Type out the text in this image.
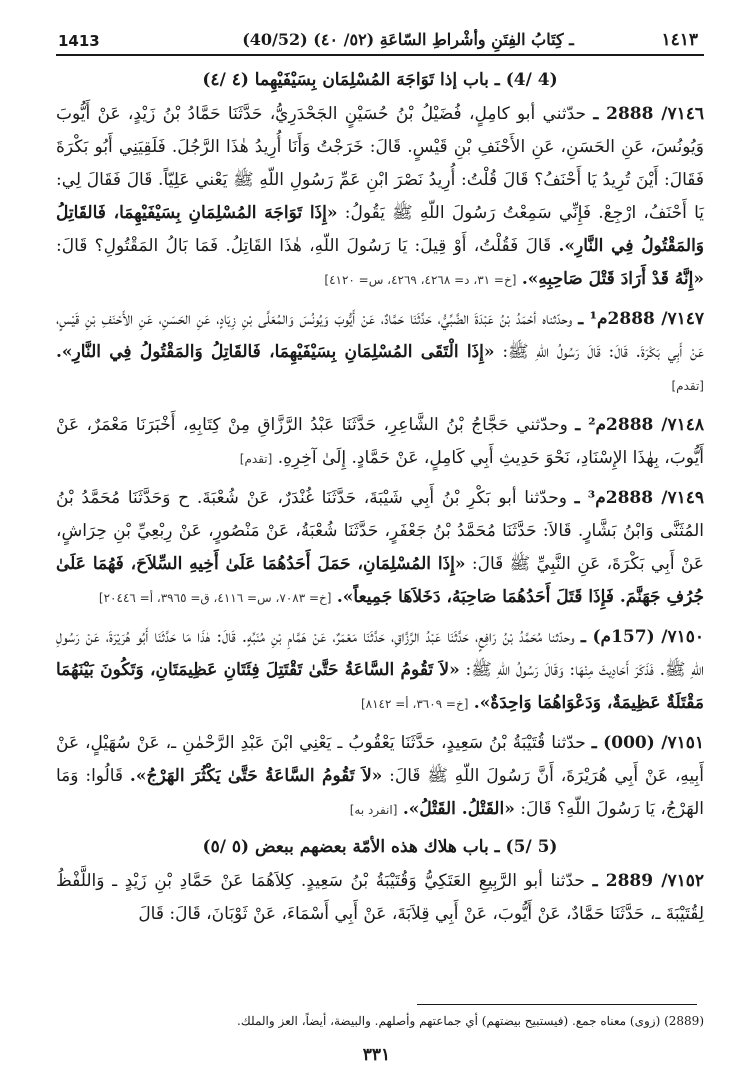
1413	(40/52) ـ كِتَابُ الفِتَنِ وأشْراطِ السّاعَةِ (٥٢/ ٤٠)	١٤١٣
(4 /4) ـ باب إذا تَوَاجَهَ المُسْلِمَان بِسَيْفَيْهِما (٤ /٤)

٧١٤٦/ 2888 ـ حدّثني أبو كامِلٍ، فُضَيْلُ بْنُ حُسَيْنٍ الجَحْدَرِيُّ، حَدَّثَنَا حَمَّادُ بْنُ زَيْدٍ، عَنْ أَيُّوبَ وَيُونُسَ، عَنِ الحَسَنِ، عَنِ الأَحْنَفِ بْنِ قَيْسٍ. قَالَ: خَرَجْتُ وَأَنَا أُرِيدُ هٰذَا الرَّجُلَ. فَلَقِيَنِي أَبُو بَكْرَةَ فَقَالَ: أَيْنَ تُرِيدُ يَا أَحْنَفُ؟ قَالَ قُلْتُ: أُرِيدُ نَصْرَ ابْنِ عَمِّ رَسُولِ اللّهِ ﷺ يَعْني عَلِيّاً. قَالَ فَقَالَ لِي: يَا أَحْنَفُ، ارْجِعْ. فَإِنِّي سَمِعْتُ رَسُولَ اللّهِ ﷺ يَقُولُ: «إِذَا تَوَاجَهَ المُسْلِمَانِ بِسَيْفَيْهِمَا، فَالقَاتِلُ وَالمَقْتُولُ فِي النَّارِ». قَالَ فَقُلْتُ، أَوْ قِيلَ: يَا رَسُولَ اللّهِ، هٰذَا القَاتِلُ. فَمَا بَالُ المَقْتُولِ؟ قَالَ: «إِنَّهُ قَدْ أَرَادَ قَتْلَ صَاحِبِهِ». [خ= ٣١، د= ٤٢٦٨، ٤٢٦٩، س= ٤١٢٠]

٧١٤٧/ 2888م¹ ـ وحدّثناه أحْمَدُ بْنُ عَبْدَةَ الضَّبِّيُّ، حَدَّثَنَا حَمَّادٌ، عَنْ أَيُّوبَ وَيُونُسَ وَالمُعَلَّى بْنِ زِيَادٍ، عَنِ الحَسَنِ، عَنِ الأَحْنَفِ بْنِ قَيْسٍ، عَنْ أَبِي بَكْرَةَ. قَالَ: قَالَ رَسُولُ اللّهِ ﷺ: «إِذَا الْتَقَى المُسْلِمَانِ بِسَيْفَيْهِمَا، فَالقَاتِلُ وَالمَقْتُولُ فِي النَّارِ». [تقدم]

٧١٤٨/ 2888م² ـ وحدّثني حَجَّاجُ بْنُ الشَّاعِرِ، حَدَّثَنَا عَبْدُ الرَّزَّاقِ مِنْ كِتَابِهِ، أَخْبَرَنَا مَعْمَرٌ، عَنْ أَيُّوبَ، بِهٰذَا الإِسْنَادِ، نَحْوَ حَدِيثِ أَبِي كَامِلٍ، عَنْ حَمَّادٍ. إِلَىٰ آخِرِهِ. [تقدم]

٧١٤٩/ 2888م³ ـ وحدّثنا أبو بَكْرِ بْنُ أَبِي شَيْبَةَ، حَدَّثَنَا غُنْدَرٌ، عَنْ شُعْبَةَ. ح وَحَدَّثَنَا مُحَمَّدُ بْنُ المُثَنَّى وَابْنُ بَشَّارٍ. قَالاَ: حَدَّثَنَا مُحَمَّدُ بْنُ جَعْفَرٍ، حَدَّثَنَا شُعْبَةُ، عَنْ مَنْصُورٍ، عَنْ رِبْعِيِّ بْنِ حِرَاشٍ، عَنْ أَبِي بَكْرَةَ، عَنِ النَّبِيِّ ﷺ قَالَ: «إِذَا المُسْلِمَانِ، حَمَلَ أَحَدُهُمَا عَلَىٰ أَخِيهِ السِّلاَحَ، فَهُمَا عَلَىٰ جُرُفِ جَهَنَّمَ. فَإِذَا قَتَلَ أَحَدُهُمَا صَاحِبَهُ، دَخَلاَهَا جَمِيعاً». [خ= ٧٠٨٣، س= ٤١١٦، ق= ٣٩٦٥، أ= ٢٠٤٤٦]

٧١٥٠/ (157م) ـ وحدّثنا مُحَمَّدُ بْنُ رَافِعٍ، حَدَّثَنَا عَبْدُ الرَّزَّاقِ، حَدَّثَنَا مَعْمَرٌ، عَنْ هَمَّامِ بْنِ مُنَبِّهٍ. قَالَ: هٰذَا مَا حَدَّثَنَا أَبُو هُرَيْرَةَ، عَنْ رَسُولِ اللّهِ ﷺ. فَذَكَرَ أَحَادِيثَ مِنْهَا: وَقَالَ رَسُولُ اللّهِ ﷺ: «لاَ تَقُومُ السَّاعَةُ حَتَّىٰ تَقْتَتِلَ فِئَتَانِ عَظِيمَتَانِ، وَتَكُونَ بَيْنَهُمَا مَقْتَلَةٌ عَظِيمَةٌ، وَدَعْوَاهُمَا وَاحِدَةٌ». [خ= ٣٦٠٩، أ= ٨١٤٢]

٧١٥١/ (000) ـ حدّثنا قُتَيْبَةُ بْنُ سَعِيدٍ، حَدَّثَنَا يَعْقُوبُ ـ يَعْنِي ابْنَ عَبْدِ الرَّحْمٰنِ ـ، عَنْ سُهَيْلٍ، عَنْ أَبِيهِ، عَنْ أَبِي هُرَيْرَةَ، أَنَّ رَسُولَ اللّهِ ﷺ قَالَ: «لاَ تَقُومُ السَّاعَةُ حَتَّىٰ يَكْثُرَ الهَرْجُ». قَالُوا: وَمَا الهَرْجُ، يَا رَسُولَ اللّهِ؟ قَالَ: «القَتْلُ. القَتْلُ». [انفرد به]

(5 /5) ـ باب هلاك هذه الأمّة بعضهم ببعض (٥ /٥)

٧١٥٢/ 2889 ـ حدّثنا أبو الرَّبِيعِ العَتَكِيُّ وَقُتَيْبَةُ بْنُ سَعِيدٍ. كِلاَهُمَا عَنْ حَمَّادِ بْنِ زَيْدٍ ـ وَاللَّفْظُ لِقُتَيْبَةَ ـ، حَدَّثَنَا حَمَّادٌ، عَنْ أَيُّوبَ، عَنْ أَبِي قِلاَبَةَ، عَنْ أَبِي أَسْمَاءَ، عَنْ ثَوْبَانَ، قَالَ: قَالَ

(2889) (زوى) معناه جمع. (فيستبيح بيضتهم) أي جماعتهم وأصلهم. والبيضة، أيضاً، العز والملك.
٣٣١
